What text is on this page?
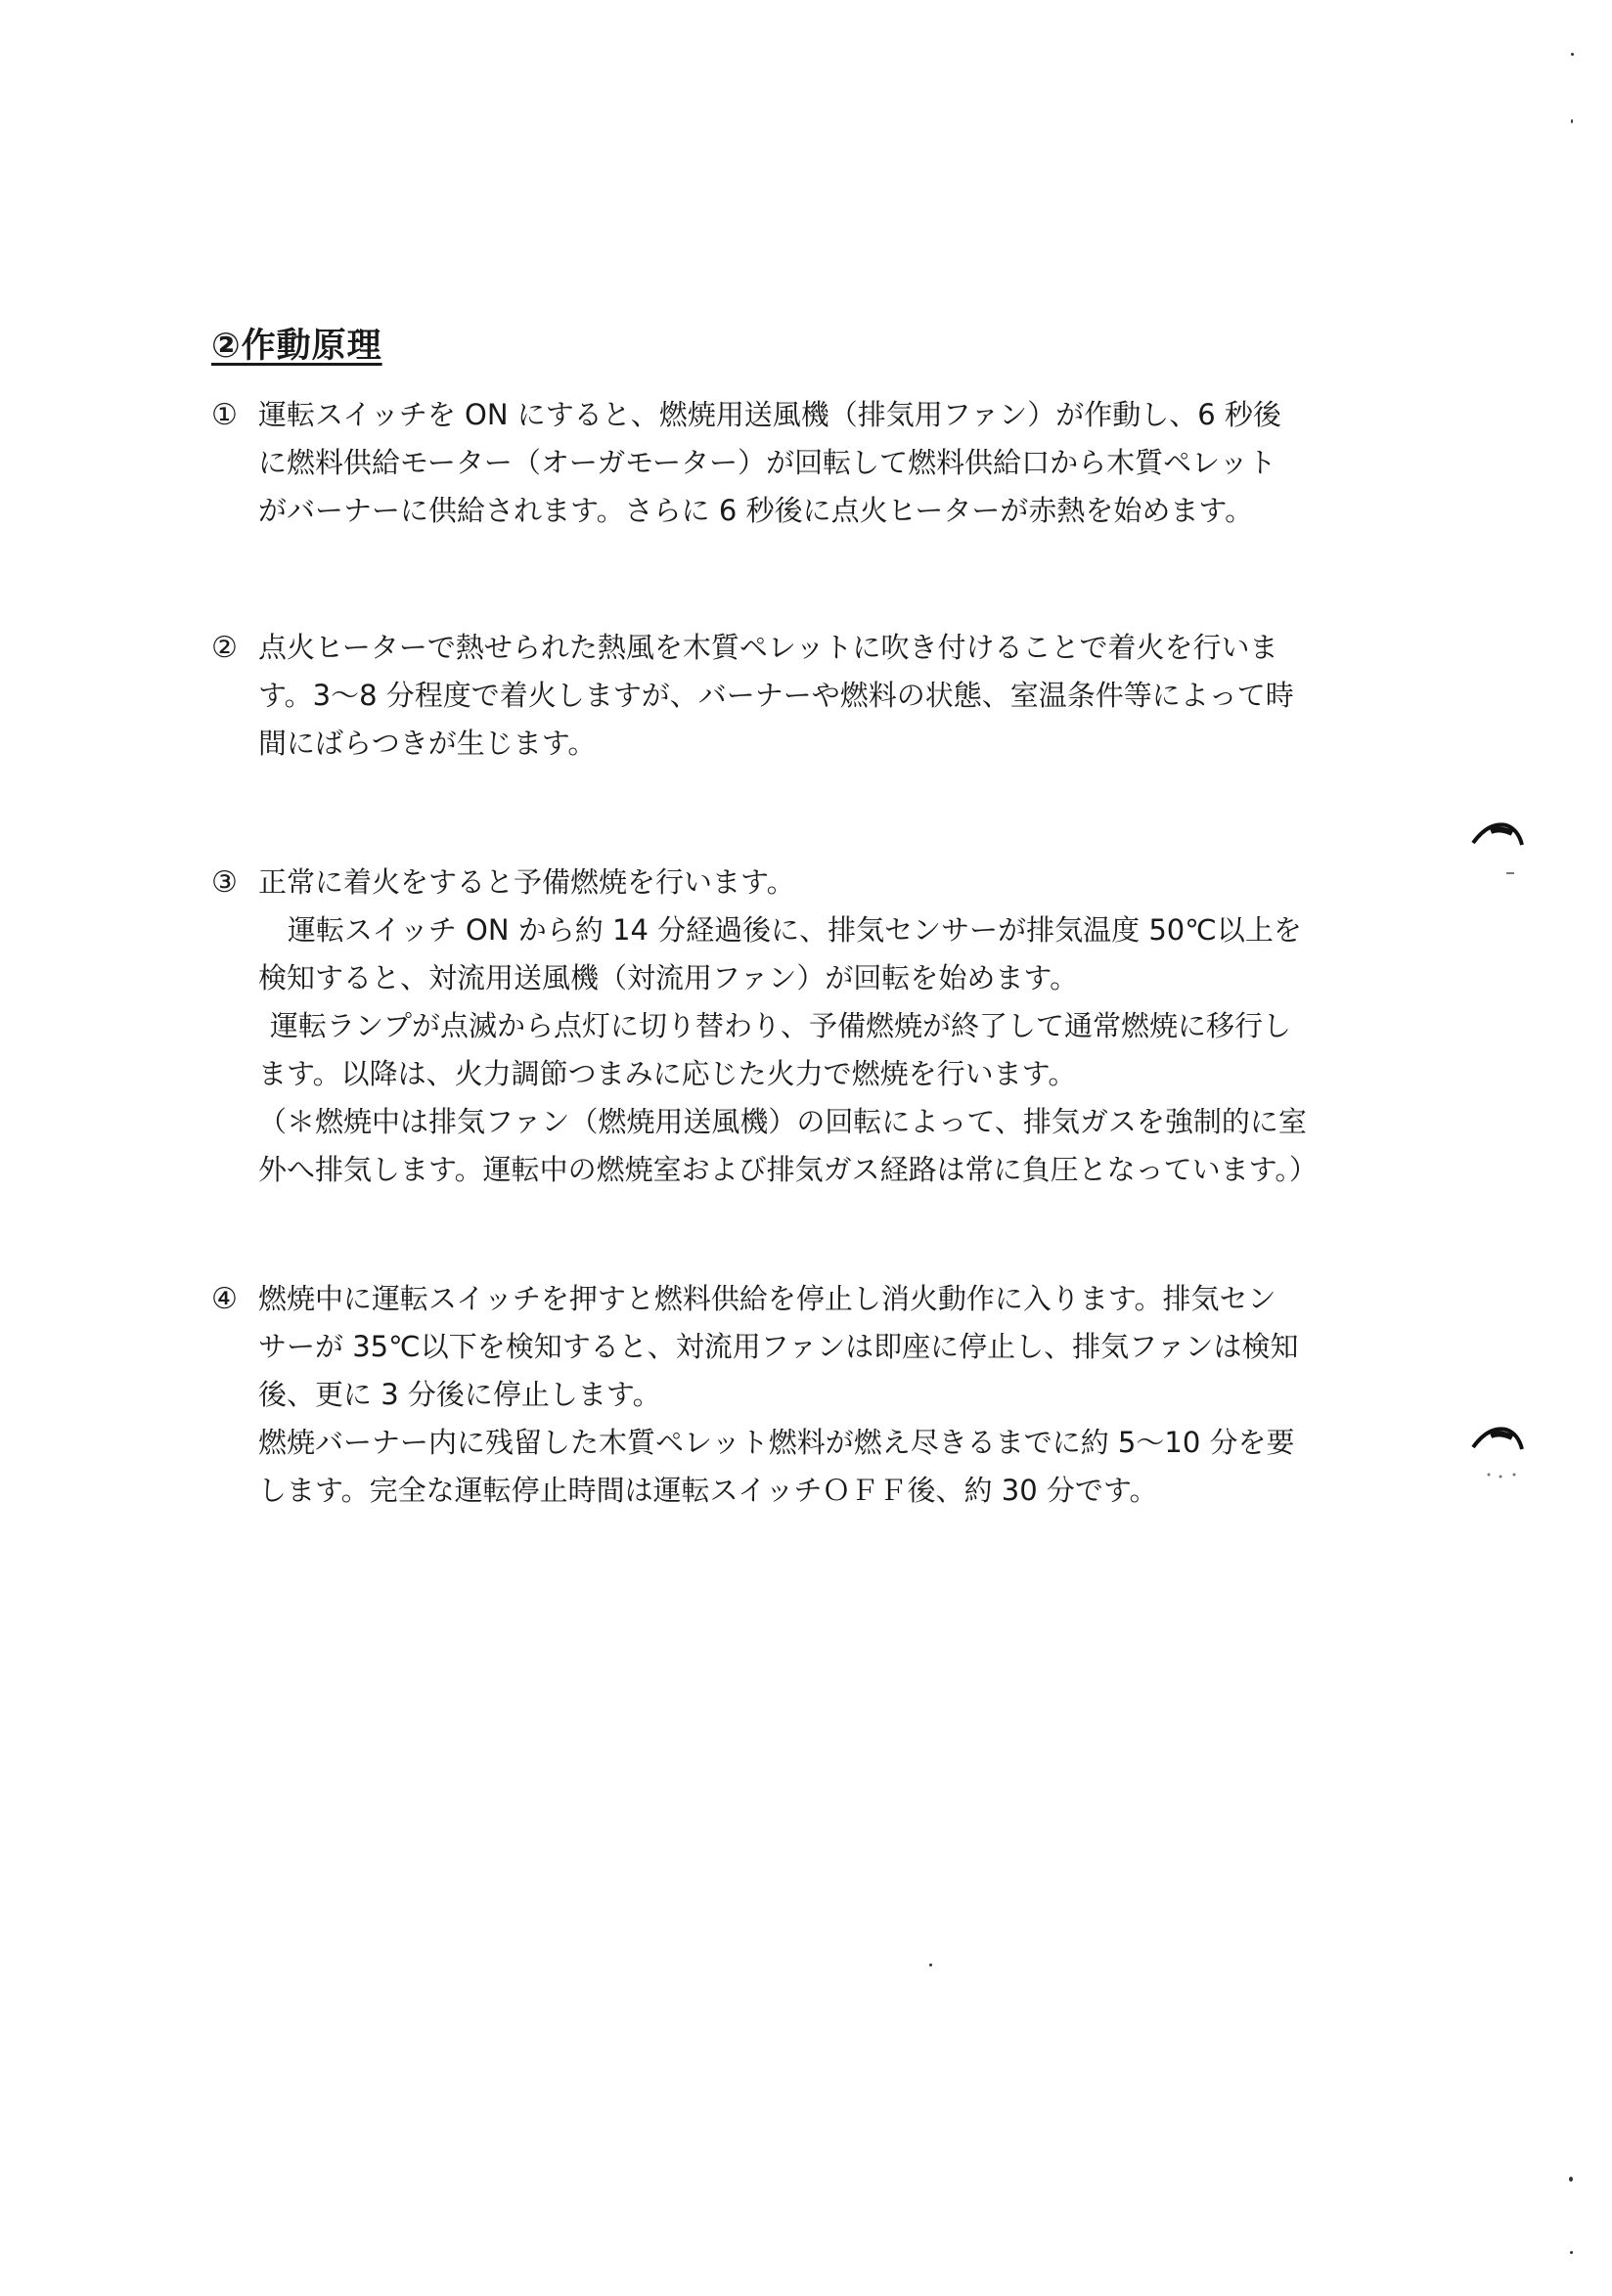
②作動原理
① 運転スイッチを ON にすると、燃焼用送風機（排気用ファン）が作動し、6 秒後
に燃料供給モーター（オーガモーター）が回転して燃料供給口から木質ペレット
がバーナーに供給されます。さらに 6 秒後に点火ヒーターが赤熱を始めます。
② 点火ヒーターで熱せられた熱風を木質ペレットに吹き付けることで着火を行いま
す。3～8 分程度で着火しますが、バーナーや燃料の状態、室温条件等によって時
間にばらつきが生じます。
③ 正常に着火をすると予備燃焼を行います。
運転スイッチ ON から約 14 分経過後に、排気センサーが排気温度 50℃以上を
検知すると、対流用送風機（対流用ファン）が回転を始めます。
運転ランプが点滅から点灯に切り替わり、予備燃焼が終了して通常燃焼に移行し
ます。以降は、火力調節つまみに応じた火力で燃焼を行います。
（＊燃焼中は排気ファン（燃焼用送風機）の回転によって、排気ガスを強制的に室
外へ排気します。運転中の燃焼室および排気ガス経路は常に負圧となっています。）
④ 燃焼中に運転スイッチを押すと燃料供給を停止し消火動作に入ります。排気セン
サーが 35℃以下を検知すると、対流用ファンは即座に停止し、排気ファンは検知
後、更に 3 分後に停止します。
燃焼バーナー内に残留した木質ペレット燃料が燃え尽きるまでに約 5～10 分を要
します。完全な運転停止時間は運転スイッチＯＦＦ後、約 30 分です。
